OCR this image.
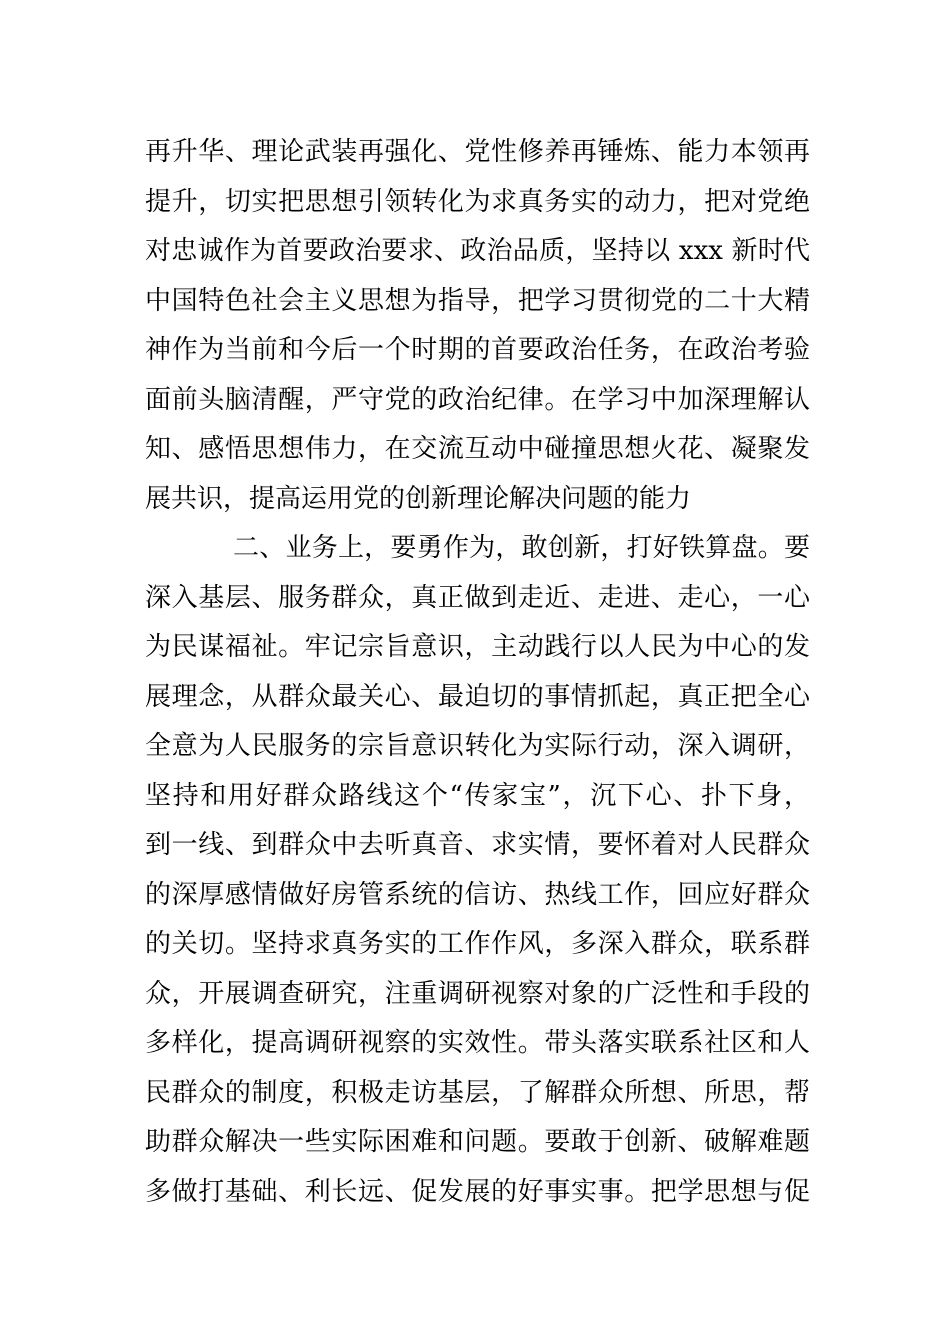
再升华、理论武装再强化、党性修养再锤炼、能力本领再
提升，切实把思想引领转化为求真务实的动力，把对党绝
对忠诚作为首要政治要求、政治品质，坚持以 xxx 新时代
中国特色社会主义思想为指导，把学习贯彻党的二十大精
神作为当前和今后一个时期的首要政治任务，在政治考验
面前头脑清醒，严守党的政治纪律。在学习中加深理解认
知、感悟思想伟力，在交流互动中碰撞思想火花、凝聚发
展共识，提高运用党的创新理论解决问题的能力
二、业务上，要勇作为，敢创新，打好铁算盘。要
深入基层、服务群众，真正做到走近、走进、走心，一心
为民谋福祉。牢记宗旨意识，主动践行以人民为中心的发
展理念，从群众最关心、最迫切的事情抓起，真正把全心
全意为人民服务的宗旨意识转化为实际行动，深入调研，
坚持和用好群众路线这个“传家宝”，沉下心、扑下身，
到一线、到群众中去听真音、求实情，要怀着对人民群众
的深厚感情做好房管系统的信访、热线工作，回应好群众
的关切。坚持求真务实的工作作风，多深入群众，联系群
众，开展调查研究，注重调研视察对象的广泛性和手段的
多样化，提高调研视察的实效性。带头落实联系社区和人
民群众的制度，积极走访基层，了解群众所想、所思，帮
助群众解决一些实际困难和问题。要敢于创新、破解难题
多做打基础、利长远、促发展的好事实事。把学思想与促
